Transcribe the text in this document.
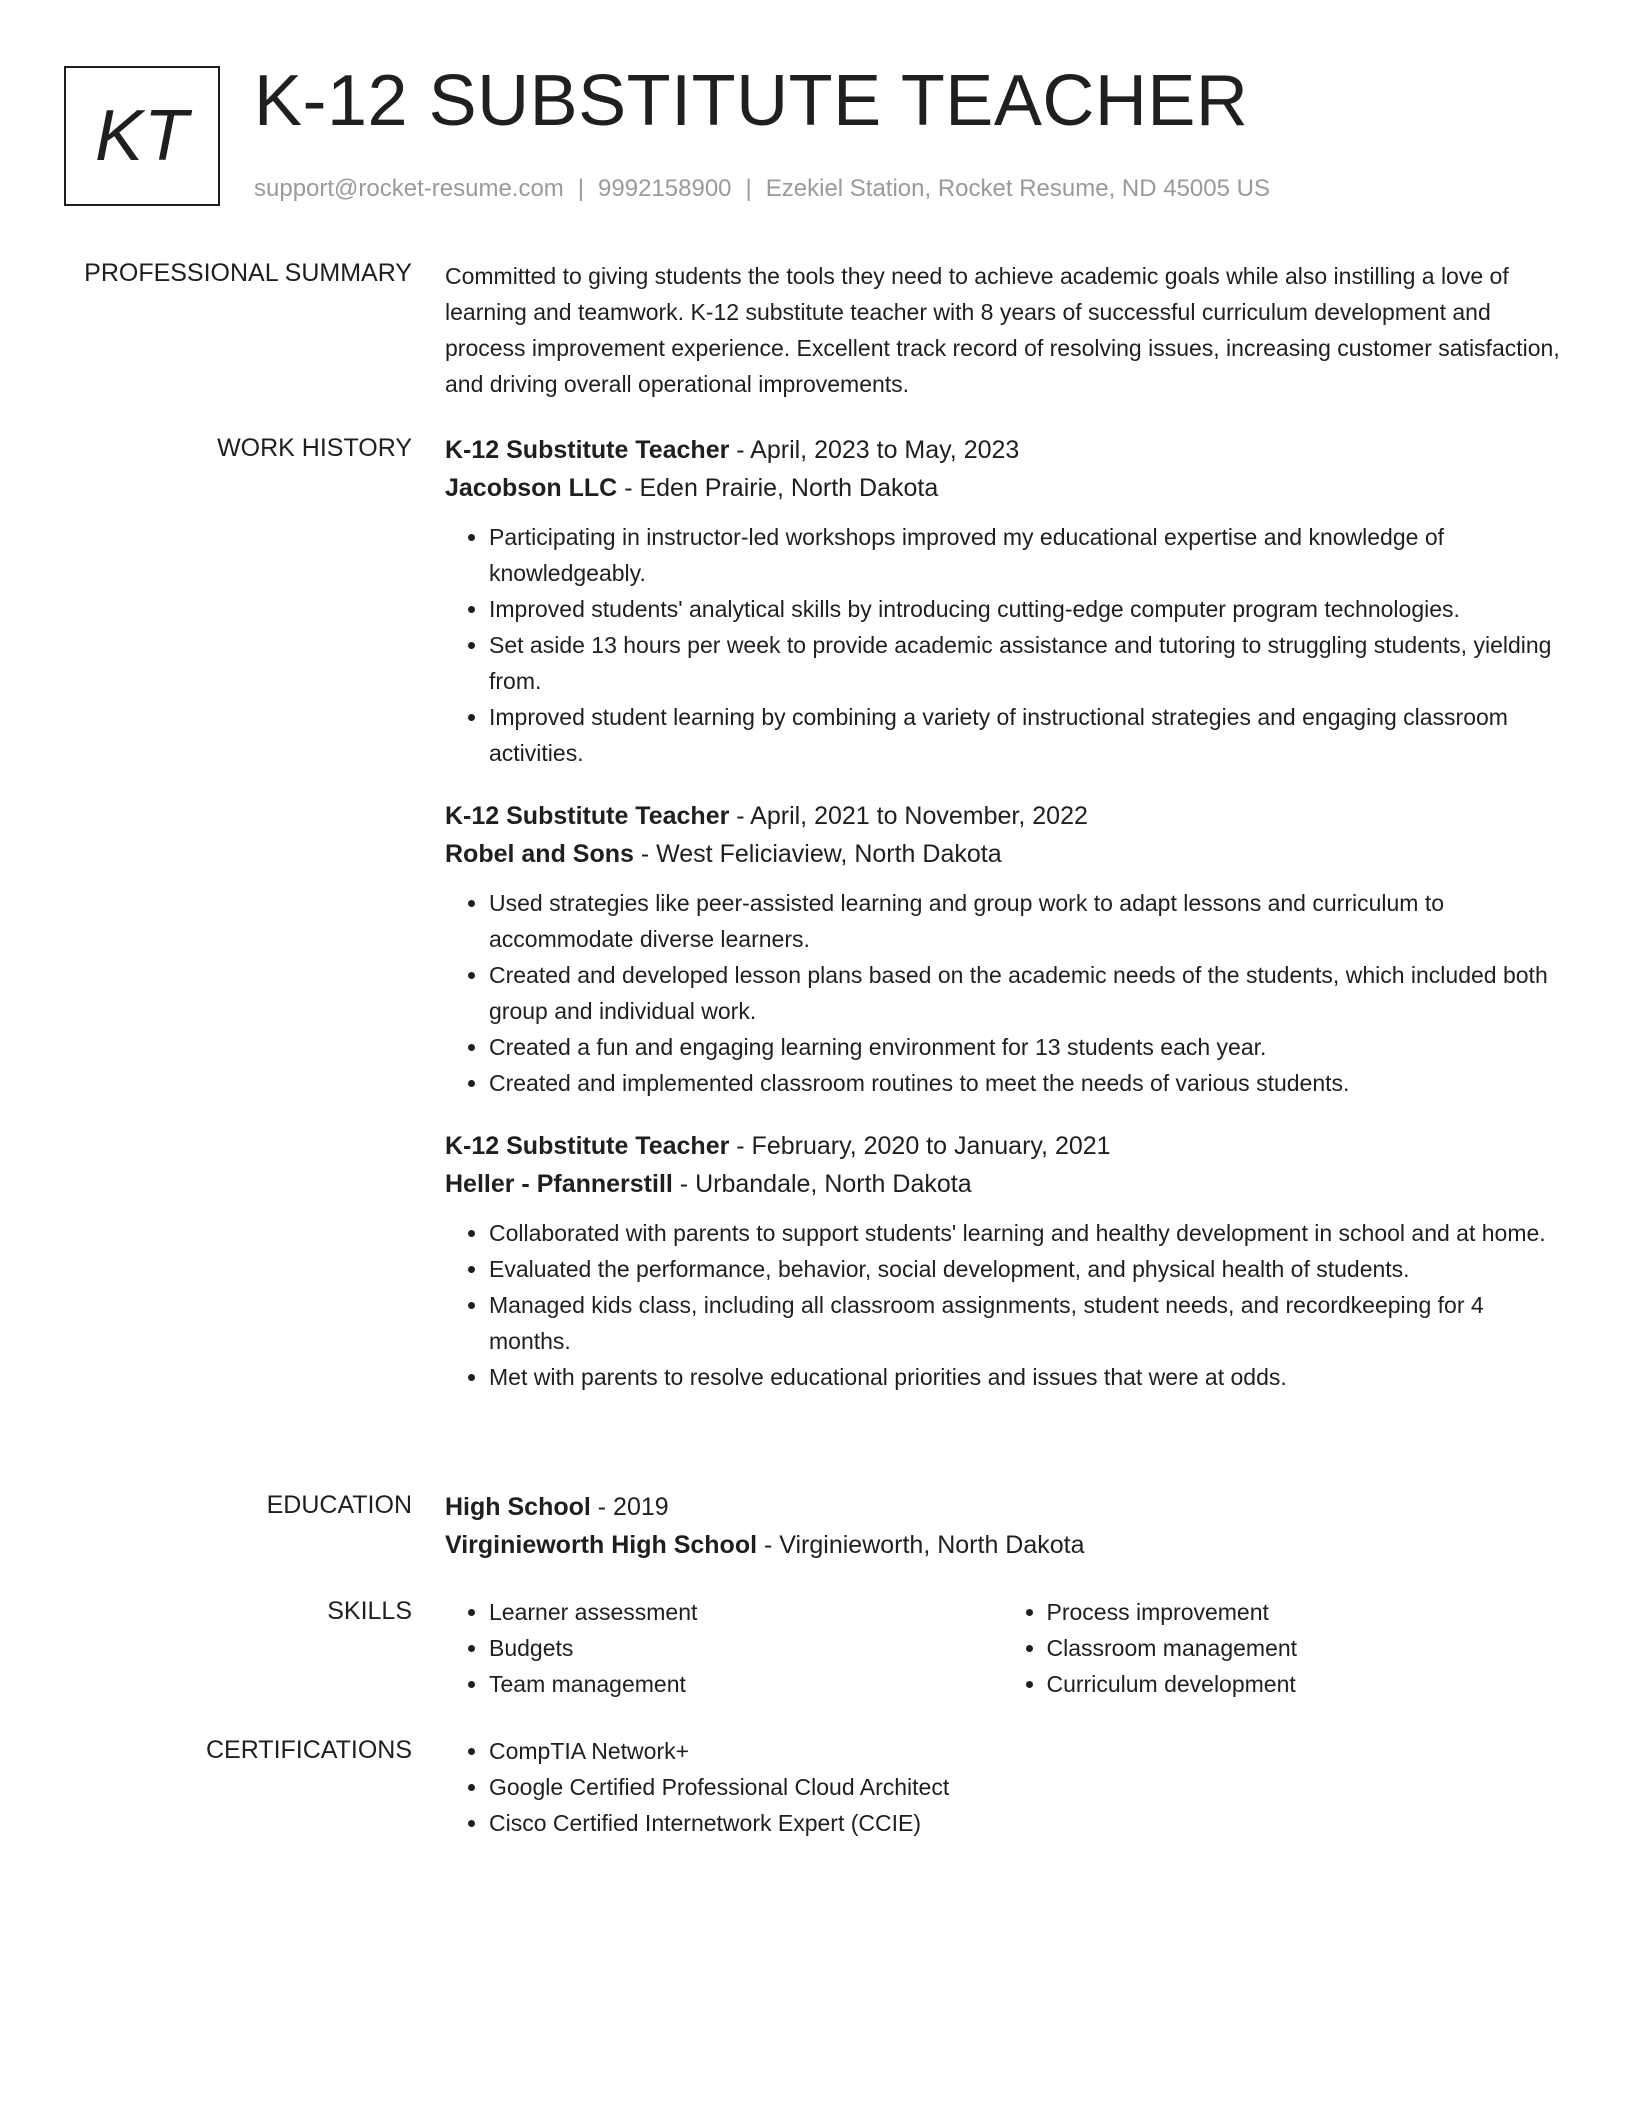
KT K-12 SUBSTITUTE TEACHER
support@rocket-resume.com | 9992158900 | Ezekiel Station, Rocket Resume, ND 45005 US
PROFESSIONAL SUMMARY Committed to giving students the tools they need to achieve academic goals while also instilling a love of learning and teamwork. K-12 substitute teacher with 8 years of successful curriculum development and process improvement experience. Excellent track record of resolving issues, increasing customer satisfaction, and driving overall operational improvements.

WORK HISTORY K-12 Substitute Teacher - April, 2023 to May, 2023
Jacobson LLC - Eden Prairie, North Dakota
• Participating in instructor-led workshops improved my educational expertise and knowledge of knowledgeably.
• Improved students' analytical skills by introducing cutting-edge computer program technologies.
• Set aside 13 hours per week to provide academic assistance and tutoring to struggling students, yielding from.
• Improved student learning by combining a variety of instructional strategies and engaging classroom activities.
K-12 Substitute Teacher - April, 2021 to November, 2022
Robel and Sons - West Feliciaview, North Dakota
• Used strategies like peer-assisted learning and group work to adapt lessons and curriculum to accommodate diverse learners.
• Created and developed lesson plans based on the academic needs of the students, which included both group and individual work.
• Created a fun and engaging learning environment for 13 students each year.
• Created and implemented classroom routines to meet the needs of various students.
K-12 Substitute Teacher - February, 2020 to January, 2021
Heller - Pfannerstill - Urbandale, North Dakota
• Collaborated with parents to support students' learning and healthy development in school and at home.
• Evaluated the performance, behavior, social development, and physical health of students.
• Managed kids class, including all classroom assignments, student needs, and recordkeeping for 4 months.
• Met with parents to resolve educational priorities and issues that were at odds.
EDUCATION High School - 2019
Virginieworth High School - Virginieworth, North Dakota
SKILLS	• Learner assessment
• Budgets
• Team management
• Process improvement
• Classroom management
• Curriculum development
CERTIFICATIONS	• CompTIA Network+
• Google Certified Professional Cloud Architect
• Cisco Certified Internetwork Expert (CCIE)
